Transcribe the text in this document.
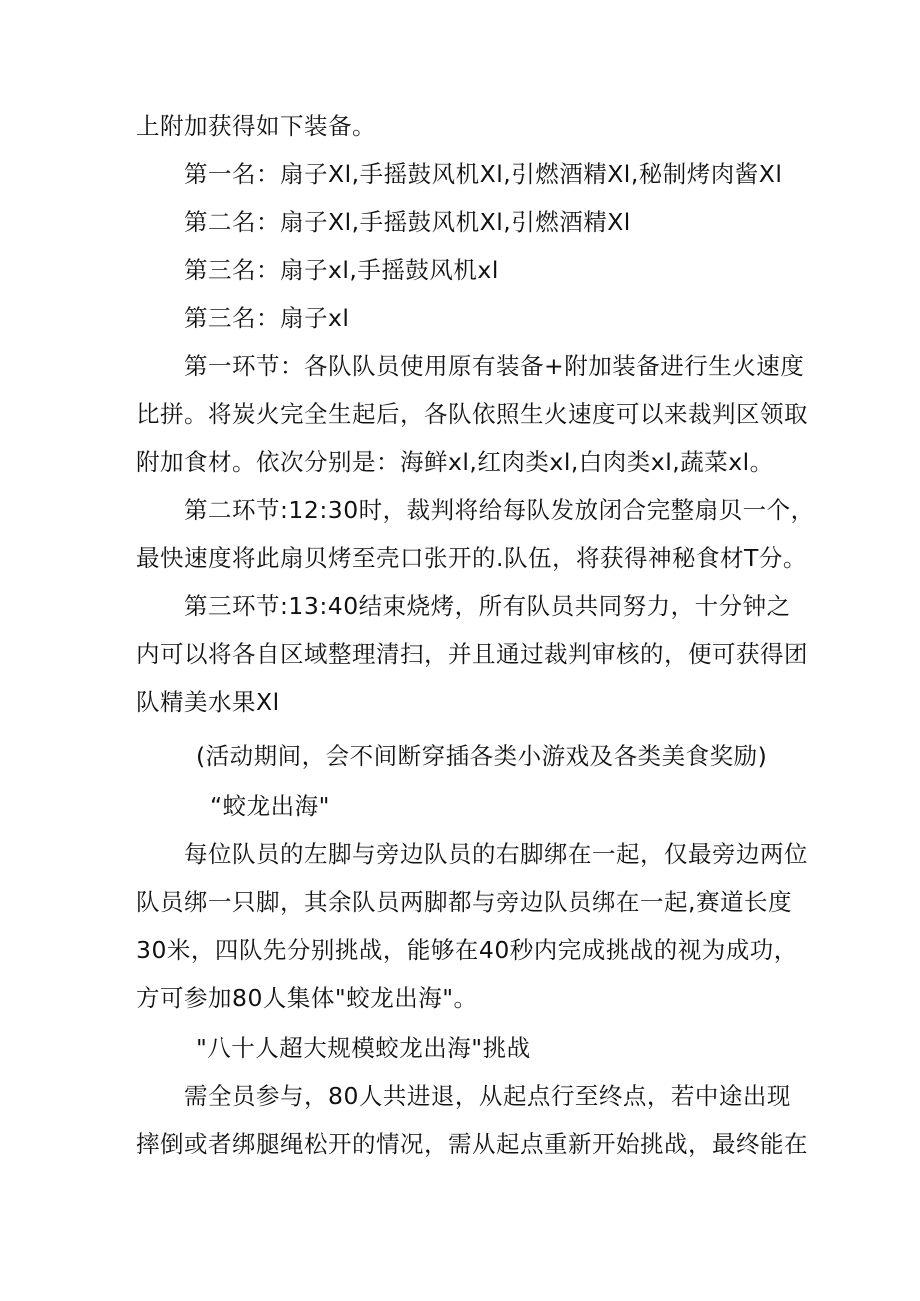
上附加获得如下装备。
第一名：扇子Xl,手摇鼓风机Xl,引燃酒精Xl,秘制烤肉酱Xl
第二名：扇子Xl,手摇鼓风机Xl,引燃酒精Xl
第三名：扇子xl,手摇鼓风机xl
第三名：扇子xl
第一环节：各队队员使用原有装备+附加装备进行生火速度
比拼。将炭火完全生起后，各队依照生火速度可以来裁判区领取
附加食材。依次分别是：海鲜xl,红肉类xl,白肉类xl,蔬菜xl。
第二环节:12:30时，裁判将给每队发放闭合完整扇贝一个，
最快速度将此扇贝烤至壳口张开的.队伍，将获得神秘食材T分。
第三环节:13:40结束烧烤，所有队员共同努力，十分钟之
内可以将各自区域整理清扫，并且通过裁判审核的，便可获得团
队精美水果Xl
(活动期间，会不间断穿插各类小游戏及各类美食奖励)
“蛟龙出海"
每位队员的左脚与旁边队员的右脚绑在一起，仅最旁边两位
队员绑一只脚，其余队员两脚都与旁边队员绑在一起,赛道长度
30米，四队先分别挑战，能够在40秒内完成挑战的视为成功，
方可参加80人集体"蛟龙出海"。
"八十人超大规模蛟龙出海"挑战
需全员参与，80人共进退，从起点行至终点，若中途出现
摔倒或者绑腿绳松开的情况，需从起点重新开始挑战，最终能在
